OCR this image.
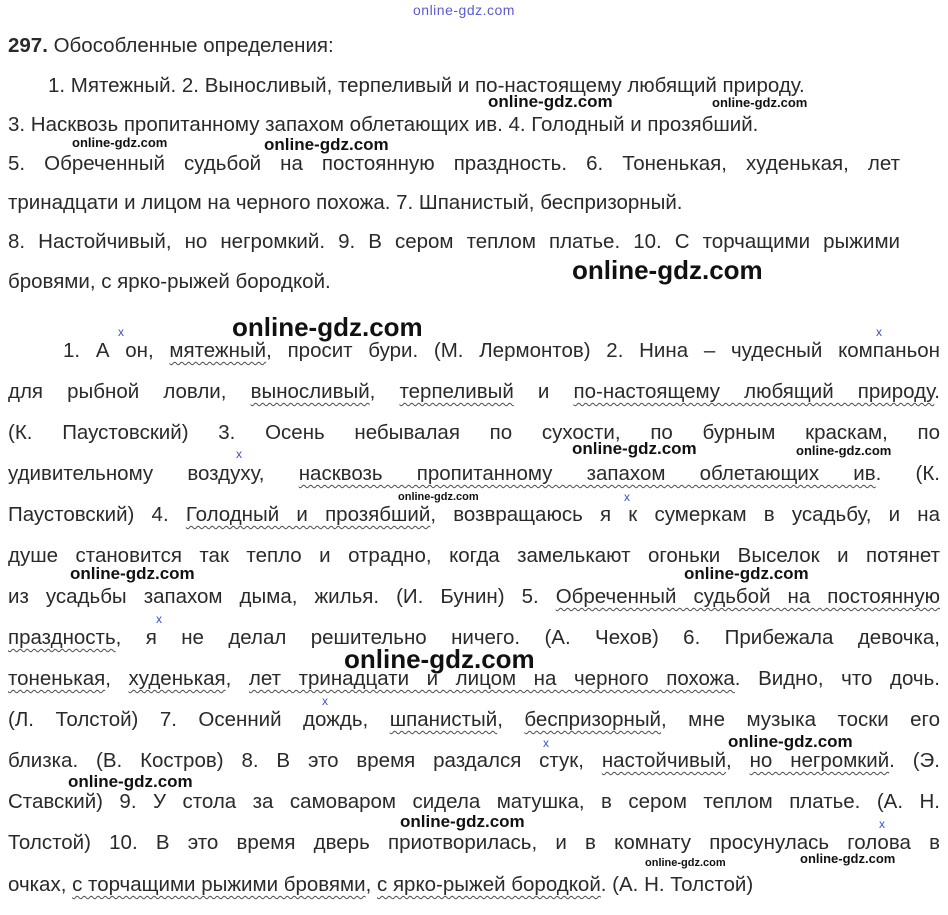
online-gdz.com
297. Обособленные определения:
1. Мятежный. 2. Выносливый, терпеливый и по-настоящему любящий природу.
3. Насквозь пропитанному запахом облетающих ив. 4. Голодный и прозябший.
5. Обреченный судьбой на постоянную праздность. 6. Тоненькая, худенькая, лет
тринадцати и лицом на черного похожа. 7. Шпанистый, беспризорный.
8. Настойчивый, но негромкий. 9. В сером теплом платье. 10. С торчащими рыжими
бровями, с ярко-рыжей бородкой.
1. А он, мятежный, просит бури. (М. Лермонтов) 2. Нина – чудесный компаньон
для рыбной ловли, выносливый, терпеливый и по-настоящему любящий природу.
(К. Паустовский) 3. Осень небывалая по сухости, по бурным краскам, по
удивительному воздуху, насквозь пропитанному запахом облетающих ив. (К.
Паустовский) 4. Голодный и прозябший, возвращаюсь я к сумеркам в усадьбу, и на
душе становится так тепло и отрадно, когда замелькают огоньки Выселок и потянет
из усадьбы запахом дыма, жилья. (И. Бунин) 5. Обреченный судьбой на постоянную
праздность, я не делал решительно ничего. (А. Чехов) 6. Прибежала девочка,
тоненькая, худенькая, лет тринадцати и лицом на черного похожа. Видно, что дочь.
(Л. Толстой) 7. Осенний дождь, шпанистый, беспризорный, мне музыка тоски его
близка. (В. Костров) 8. В это время раздался стук, настойчивый, но негромкий. (Э.
Ставский) 9. У стола за самоваром сидела матушка, в сером теплом платье. (А. Н.
Толстой) 10. В это время дверь приотворилась, и в комнату просунулась голова в
очках, с торчащими рыжими бровями, с ярко-рыжей бородкой. (А. Н. Толстой)
x	x
x
x
x
x
x
x
online-gdz.com	online-gdz.com
online-gdz.com	online-gdz.com
online-gdz.com
online-gdz.com
online-gdz.com	online-gdz.com
online-gdz.com
online-gdz.com	online-gdz.com
online-gdz.com
online-gdz.com
online-gdz.com
online-gdz.com
online-gdz.com	online-gdz.com
